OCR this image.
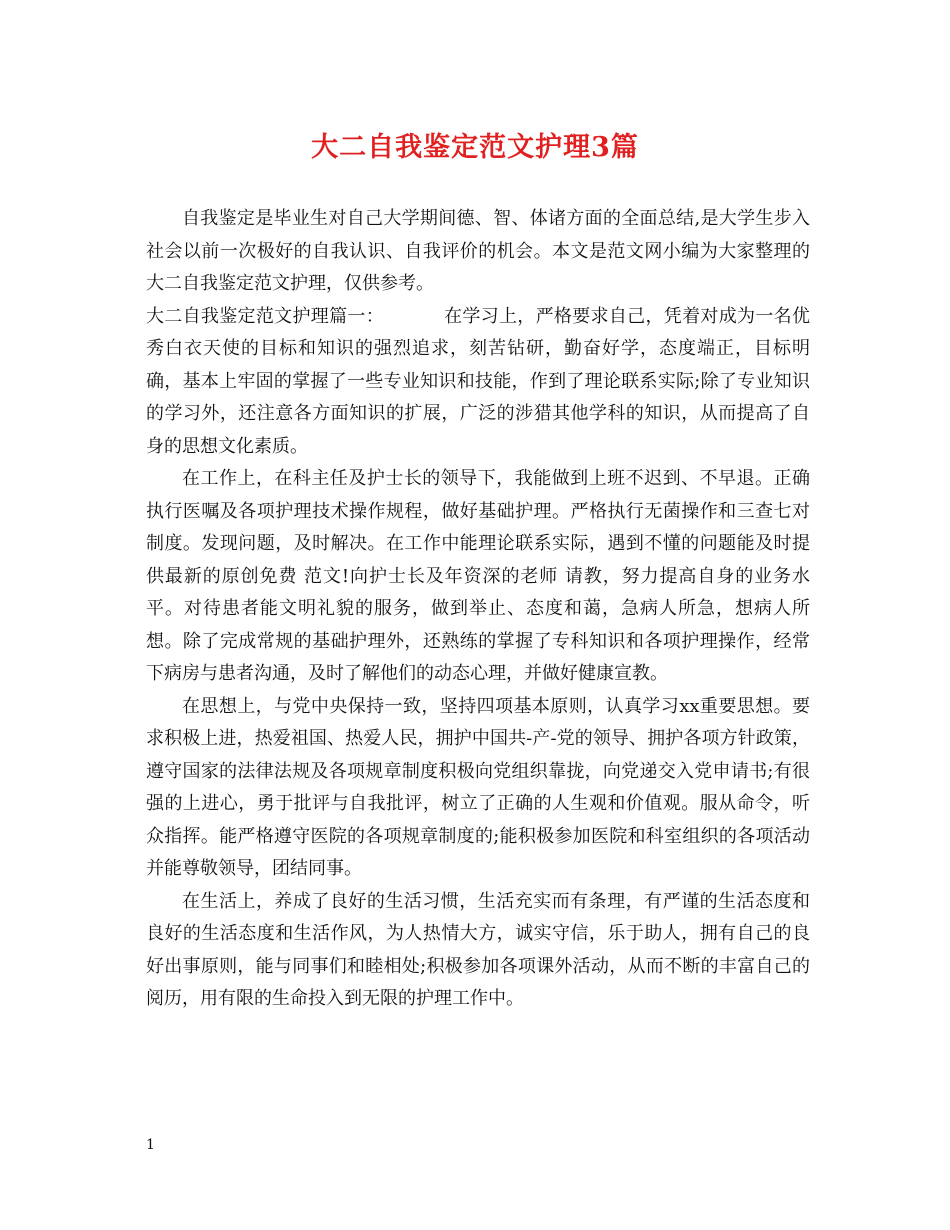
大二自我鉴定范文护理3篇

自我鉴定是毕业生对自己大学期间德、智、体诸方面的全面总结,是大学生步入社会以前一次极好的自我认识、自我评价的机会。本文是范文网小编为大家整理的大二自我鉴定范文护理，仅供参考。

大二自我鉴定范文护理篇一：	在学习上，严格要求自己，凭着对成为一名优秀白衣天使的目标和知识的强烈追求，刻苦钻研，勤奋好学，态度端正，目标明确，基本上牢固的掌握了一些专业知识和技能，作到了理论联系实际;除了专业知识的学习外，还注意各方面知识的扩展，广泛的涉猎其他学科的知识，从而提高了自身的思想文化素质。

在工作上，在科主任及护士长的领导下，我能做到上班不迟到、不早退。正确执行医嘱及各项护理技术操作规程，做好基础护理。严格执行无菌操作和三查七对制度。发现问题，及时解决。在工作中能理论联系实际，遇到不懂的问题能及时提供最新的原创免费 范文!向护士长及年资深的老师 请教，努力提高自身的业务水平。对待患者能文明礼貌的服务，做到举止、态度和蔼，急病人所急，想病人所想。除了完成常规的基础护理外，还熟练的掌握了专科知识和各项护理操作，经常下病房与患者沟通，及时了解他们的动态心理，并做好健康宣教。

在思想上，与党中央保持一致，坚持四项基本原则，认真学习xx重要思想。要求积极上进，热爱祖国、热爱人民，拥护中国共-产-党的领导、拥护各项方针政策，遵守国家的法律法规及各项规章制度积极向党组织靠拢，向党递交入党申请书;有很强的上进心，勇于批评与自我批评，树立了正确的人生观和价值观。服从命令，听众指挥。能严格遵守医院的各项规章制度的;能积极参加医院和科室组织的各项活动并能尊敬领导，团结同事。

在生活上，养成了良好的生活习惯，生活充实而有条理，有严谨的生活态度和良好的生活态度和生活作风，为人热情大方，诚实守信，乐于助人，拥有自己的良好出事原则，能与同事们和睦相处;积极参加各项课外活动，从而不断的丰富自己的阅历，用有限的生命投入到无限的护理工作中。

1
